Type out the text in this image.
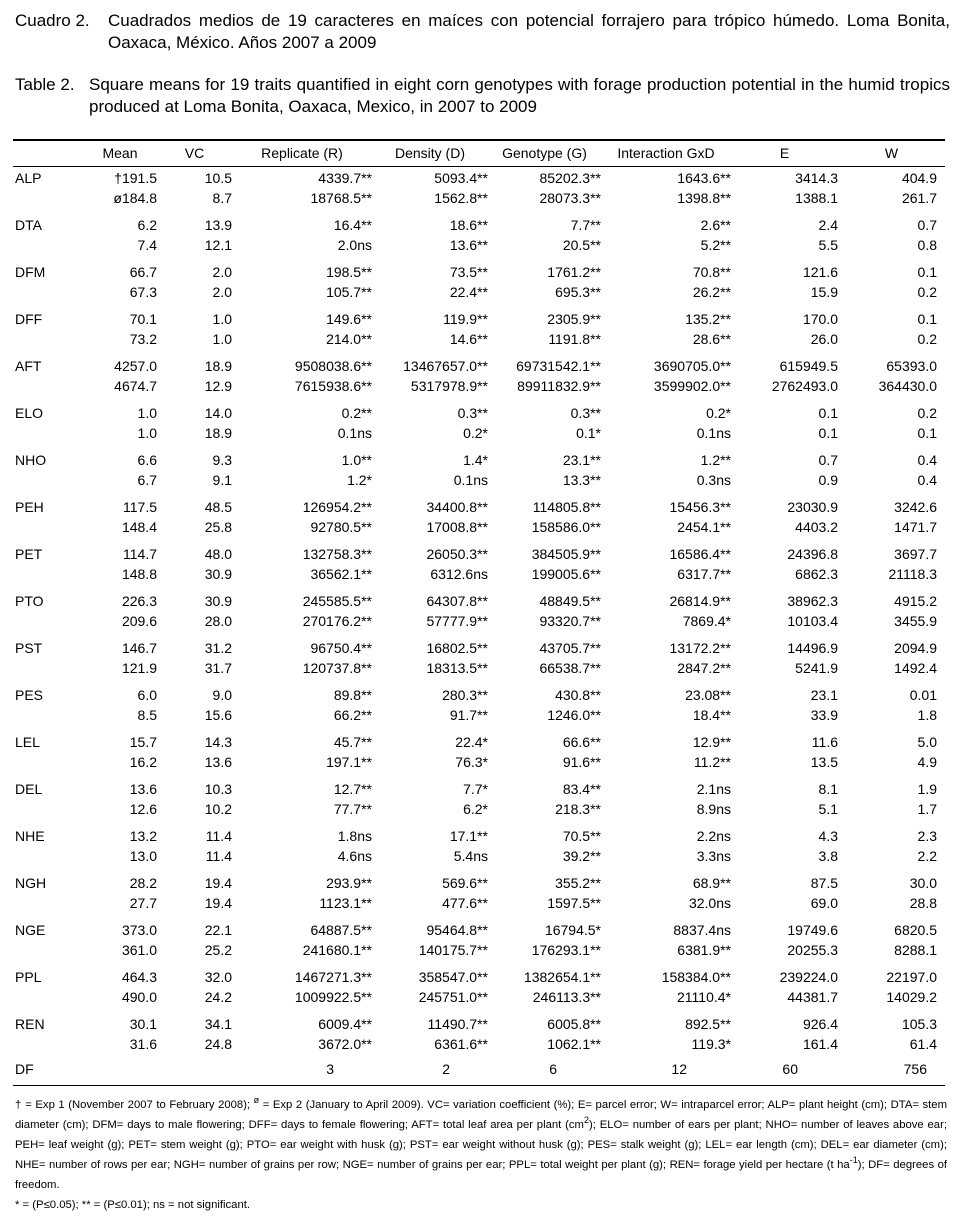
Cuadro 2. Cuadrados medios de 19 caracteres en maíces con potencial forrajero para trópico húmedo. Loma Bonita, Oaxaca, México. Años 2007 a 2009
Table 2. Square means for 19 traits quantified in eight corn genotypes with forage production potential in the humid tropics produced at Loma Bonita, Oaxaca, Mexico, in 2007 to 2009
	Mean	VC	Replicate (R)	Density (D)	Genotype (G)	Interaction GxD	E	W
ALP	†191.5	10.5	4339.7**	5093.4**	85202.3**	1643.6**	3414.3	404.9
	ø184.8	8.7	18768.5**	1562.8**	28073.3**	1398.8**	1388.1	261.7
DTA	6.2	13.9	16.4**	18.6**	7.7**	2.6**	2.4	0.7
	7.4	12.1	2.0ns	13.6**	20.5**	5.2**	5.5	0.8
DFM	66.7	2.0	198.5**	73.5**	1761.2**	70.8**	121.6	0.1
	67.3	2.0	105.7**	22.4**	695.3**	26.2**	15.9	0.2
DFF	70.1	1.0	149.6**	119.9**	2305.9**	135.2**	170.0	0.1
	73.2	1.0	214.0**	14.6**	1191.8**	28.6**	26.0	0.2
AFT	4257.0	18.9	9508038.6**	13467657.0**	69731542.1**	3690705.0**	615949.5	65393.0
	4674.7	12.9	7615938.6**	5317978.9**	89911832.9**	3599902.0**	2762493.0	364430.0
ELO	1.0	14.0	0.2**	0.3**	0.3**	0.2*	0.1	0.2
	1.0	18.9	0.1ns	0.2*	0.1*	0.1ns	0.1	0.1
NHO	6.6	9.3	1.0**	1.4*	23.1**	1.2**	0.7	0.4
	6.7	9.1	1.2*	0.1ns	13.3**	0.3ns	0.9	0.4
PEH	117.5	48.5	126954.2**	34400.8**	114805.8**	15456.3**	23030.9	3242.6
	148.4	25.8	92780.5**	17008.8**	158586.0**	2454.1**	4403.2	1471.7
PET	114.7	48.0	132758.3**	26050.3**	384505.9**	16586.4**	24396.8	3697.7
	148.8	30.9	36562.1**	6312.6ns	199005.6**	6317.7**	6862.3	21118.3
PTO	226.3	30.9	245585.5**	64307.8**	48849.5**	26814.9**	38962.3	4915.2
	209.6	28.0	270176.2**	57777.9**	93320.7**	7869.4*	10103.4	3455.9
PST	146.7	31.2	96750.4**	16802.5**	43705.7**	13172.2**	14496.9	2094.9
	121.9	31.7	120737.8**	18313.5**	66538.7**	2847.2**	5241.9	1492.4
PES	6.0	9.0	89.8**	280.3**	430.8**	23.08**	23.1	0.01
	8.5	15.6	66.2**	91.7**	1246.0**	18.4**	33.9	1.8
LEL	15.7	14.3	45.7**	22.4*	66.6**	12.9**	11.6	5.0
	16.2	13.6	197.1**	76.3*	91.6**	11.2**	13.5	4.9
DEL	13.6	10.3	12.7**	7.7*	83.4**	2.1ns	8.1	1.9
	12.6	10.2	77.7**	6.2*	218.3**	8.9ns	5.1	1.7
NHE	13.2	11.4	1.8ns	17.1**	70.5**	2.2ns	4.3	2.3
	13.0	11.4	4.6ns	5.4ns	39.2**	3.3ns	3.8	2.2
NGH	28.2	19.4	293.9**	569.6**	355.2**	68.9**	87.5	30.0
	27.7	19.4	1123.1**	477.6**	1597.5**	32.0ns	69.0	28.8
NGE	373.0	22.1	64887.5**	95464.8**	16794.5*	8837.4ns	19749.6	6820.5
	361.0	25.2	241680.1**	140175.7**	176293.1**	6381.9**	20255.3	8288.1
PPL	464.3	32.0	1467271.3**	358547.0**	1382654.1**	158384.0**	239224.0	22197.0
	490.0	24.2	1009922.5**	245751.0**	246113.3**	21110.4*	44381.7	14029.2
REN	30.1	34.1	6009.4**	11490.7**	6005.8**	892.5**	926.4	105.3
	31.6	24.8	3672.0**	6361.6**	1062.1**	119.3*	161.4	61.4
DF			3	2	6	12	60	756
† = Exp 1 (November 2007 to February 2008); $^ø$ = Exp 2 (January to April 2009). VC= variation coefficient (%); E= parcel error; W= intraparcel error; ALP= plant height (cm); DTA= stem diameter (cm); DFM= days to male flowering; DFF= days to female flowering; AFT= total leaf area per plant $(cm^2)$; ELO= number of ears per plant; NHO= number of leaves above ear; PEH= leaf weight (g); PET= stem weight (g); PTO= ear weight with husk (g); PST= ear weight without husk (g); PES= stalk weight (g); LEL= ear length (cm); DEL= ear diameter (cm); NHE= number of rows per ear; NGH= number of grains per row; NGE= number of grains per ear; PPL= total weight per plant (g); REN= forage yield per hectare (t $ha^{-1}$); DF= degrees of freedom.
* = (P≤0.05); ** = (P≤0.01); ns = not significant.
